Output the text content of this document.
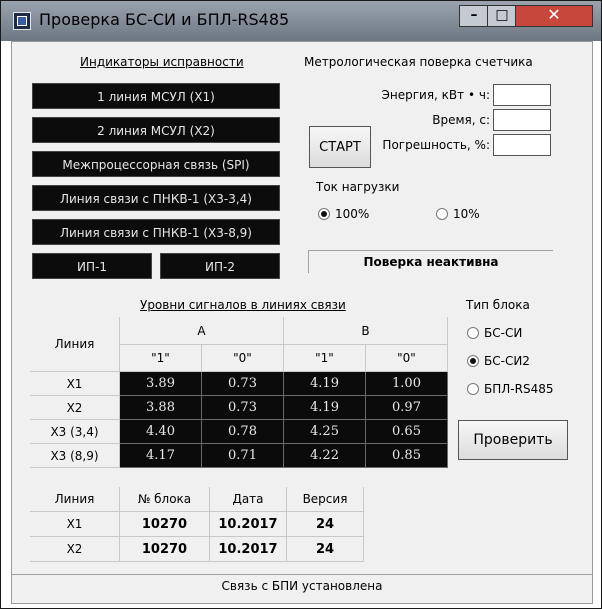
Проверка БС-СИ и БПЛ-RS485	–	□	✕
Индикаторы исправности
1 линия МСУЛ (X1)
2 линия МСУЛ (X2)
Межпроцессорная связь (SPI)
Линия связи с ПНКВ-1 (X3-3,4)
Линия связи с ПНКВ-1 (X3-8,9)
ИП-1	ИП-2
Метрологическая поверка счетчика
Энергия, кВт • ч:
Время, с:
Погрешность, %:
СТАРТ
Ток нагрузки
100%	10%
Поверка неактивна
Уровни сигналов в линиях связи
Линия
А	В
"1"	"0"	"1"	"0"
X1	3.89	0.73	4.19	1.00
X2	3.88	0.73	4.19	0.97
X3 (3,4)	4.40	0.78	4.25	0.65
X3 (8,9)	4.17	0.71	4.22	0.85
Тип блока
БС-СИ
БС-СИ2
БПЛ-RS485
Проверить
Линия	№ блока	Дата	Версия
X1	10270	10.2017	24
X2	10270	10.2017	24
Связь с БПИ установлена
